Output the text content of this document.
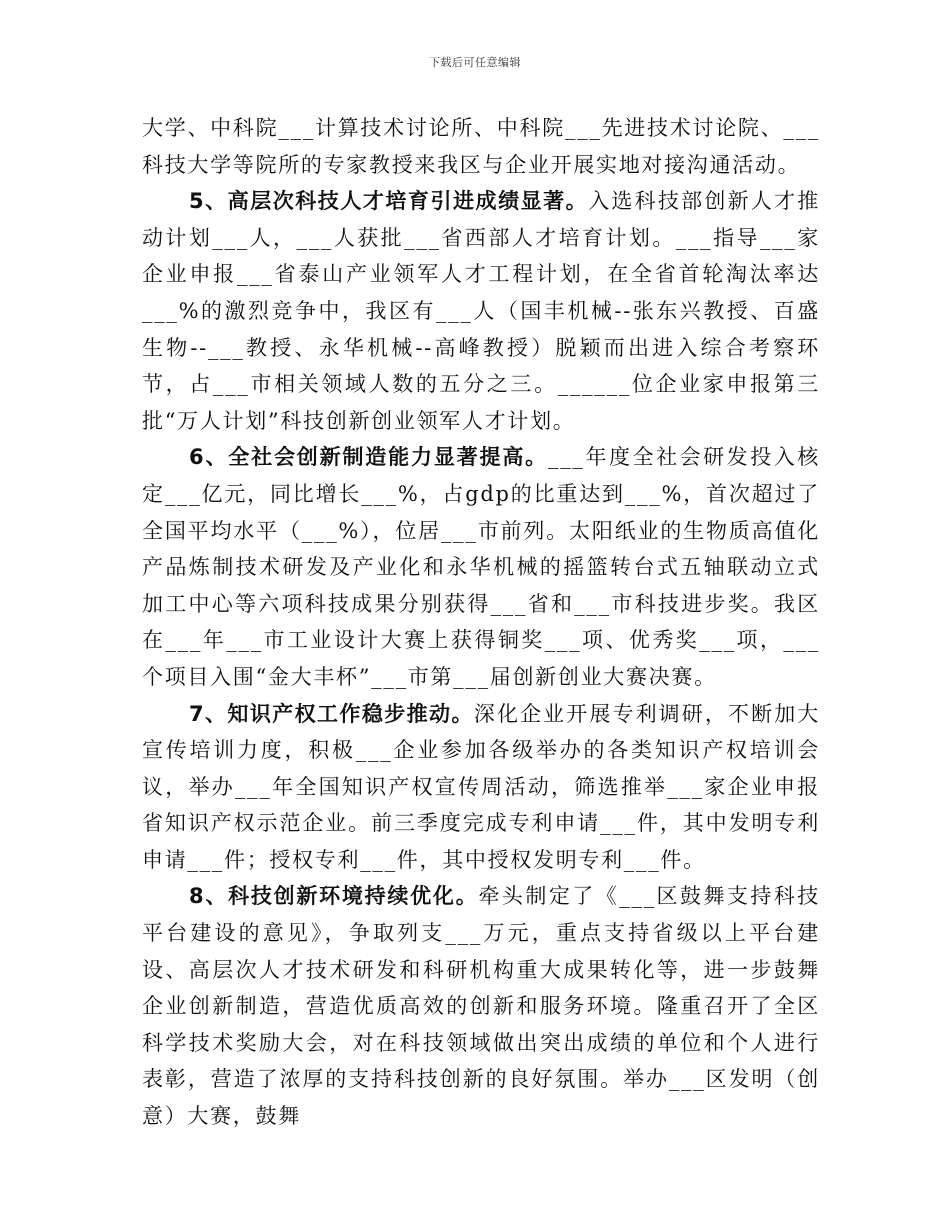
下载后可任意编辑

大学、中科院___计算技术讨论所、中科院___先进技术讨论院、___科技大学等院所的专家教授来我区与企业开展实地对接沟通活动。

5、高层次科技人才培育引进成绩显著。入选科技部创新人才推动计划___人，___人获批___省西部人才培育计划。___指导___家企业申报___省泰山产业领军人才工程计划，在全省首轮淘汰率达___%的激烈竞争中，我区有___人（国丰机械--张东兴教授、百盛生物--___教授、永华机械--高峰教授）脱颖而出进入综合考察环节，占___市相关领域人数的五分之三。______位企业家申报第三批“万人计划”科技创新创业领军人才计划。

6、全社会创新制造能力显著提高。___年度全社会研发投入核定___亿元，同比增长___%，占gdp的比重达到___%，首次超过了全国平均水平（___%），位居___市前列。太阳纸业的生物质高值化产品炼制技术研发及产业化和永华机械的摇篮转台式五轴联动立式加工中心等六项科技成果分别获得___省和___市科技进步奖。我区在___年___市工业设计大赛上获得铜奖___项、优秀奖___项，___个项目入围“金大丰杯”___市第___届创新创业大赛决赛。

7、知识产权工作稳步推动。深化企业开展专利调研，不断加大宣传培训力度，积极___企业参加各级举办的各类知识产权培训会议，举办___年全国知识产权宣传周活动，筛选推举___家企业申报省知识产权示范企业。前三季度完成专利申请___件，其中发明专利申请___件；授权专利___件，其中授权发明专利___件。

8、科技创新环境持续优化。牵头制定了《___区鼓舞支持科技平台建设的意见》，争取列支___万元，重点支持省级以上平台建设、高层次人才技术研发和科研机构重大成果转化等，进一步鼓舞企业创新制造，营造优质高效的创新和服务环境。隆重召开了全区科学技术奖励大会，对在科技领域做出突出成绩的单位和个人进行表彰，营造了浓厚的支持科技创新的良好氛围。举办___区发明（创意）大赛，鼓舞
